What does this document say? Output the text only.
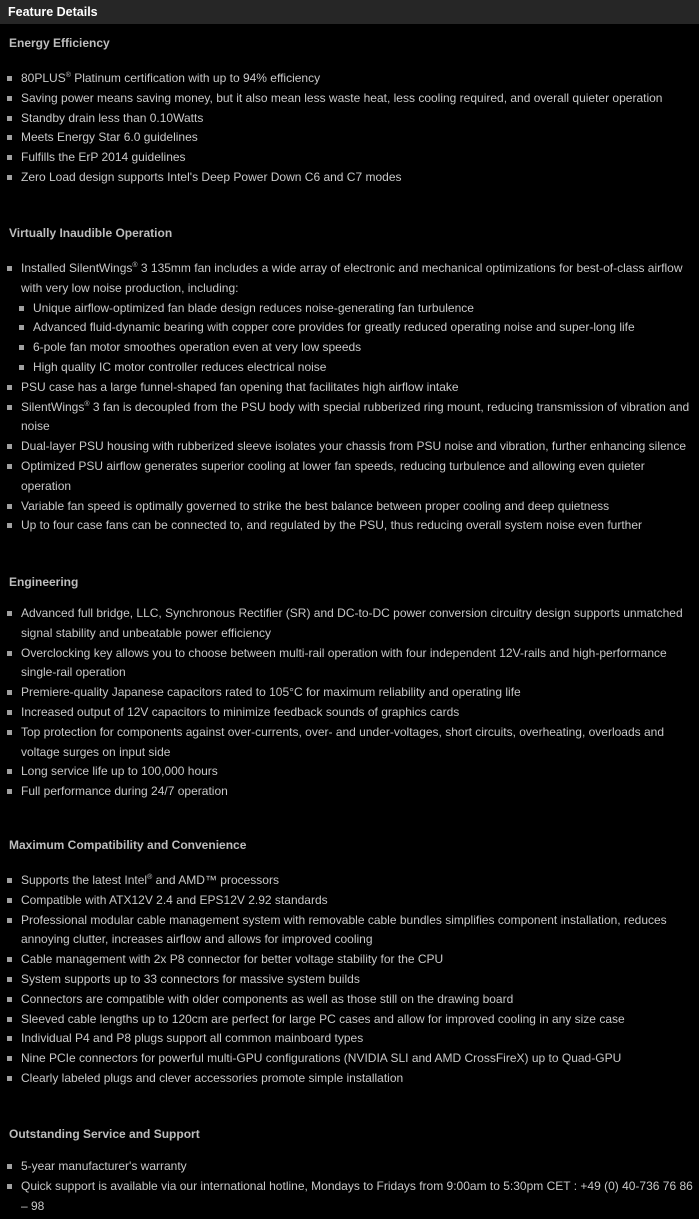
Feature Details
Energy Efficiency
80PLUS® Platinum certification with up to 94% efficiency
Saving power means saving money, but it also mean less waste heat, less cooling required, and overall quieter operation
Standby drain less than 0.10Watts
Meets Energy Star 6.0 guidelines
Fulfills the ErP 2014 guidelines
Zero Load design supports Intel's Deep Power Down C6 and C7 modes
Virtually Inaudible Operation
Installed SilentWings® 3 135mm fan includes a wide array of electronic and mechanical optimizations for best-of-class airflow with very low noise production, including:
Unique airflow-optimized fan blade design reduces noise-generating fan turbulence
Advanced fluid-dynamic bearing with copper core provides for greatly reduced operating noise and super-long life
6-pole fan motor smoothes operation even at very low speeds
High quality IC motor controller reduces electrical noise
PSU case has a large funnel-shaped fan opening that facilitates high airflow intake
SilentWings® 3 fan is decoupled from the PSU body with special rubberized ring mount, reducing transmission of vibration and noise
Dual-layer PSU housing with rubberized sleeve isolates your chassis from PSU noise and vibration, further enhancing silence
Optimized PSU airflow generates superior cooling at lower fan speeds, reducing turbulence and allowing even quieter operation
Variable fan speed is optimally governed to strike the best balance between proper cooling and deep quietness
Up to four case fans can be connected to, and regulated by the PSU, thus reducing overall system noise even further
Engineering
Advanced full bridge, LLC, Synchronous Rectifier (SR) and DC-to-DC power conversion circuitry design supports unmatched signal stability and unbeatable power efficiency
Overclocking key allows you to choose between multi-rail operation with four independent 12V-rails and high-performance single-rail operation
Premiere-quality Japanese capacitors rated to 105°C for maximum reliability and operating life
Increased output of 12V capacitors to minimize feedback sounds of graphics cards
Top protection for components against over-currents, over- and under-voltages, short circuits, overheating, overloads and voltage surges on input side
Long service life up to 100,000 hours
Full performance during 24/7 operation
Maximum Compatibility and Convenience
Supports the latest Intel® and AMD™ processors
Compatible with ATX12V 2.4 and EPS12V 2.92 standards
Professional modular cable management system with removable cable bundles simplifies component installation, reduces annoying clutter, increases airflow and allows for improved cooling
Cable management with 2x P8 connector for better voltage stability for the CPU
System supports up to 33 connectors for massive system builds
Connectors are compatible with older components as well as those still on the drawing board
Sleeved cable lengths up to 120cm are perfect for large PC cases and allow for improved cooling in any size case
Individual P4 and P8 plugs support all common mainboard types
Nine PCIe connectors for powerful multi-GPU configurations (NVIDIA SLI and AMD CrossFireX) up to Quad-GPU
Clearly labeled plugs and clever accessories promote simple installation
Outstanding Service and Support
5-year manufacturer's warranty
Quick support is available via our international hotline, Mondays to Fridays from 9:00am to 5:30pm CET : +49 (0) 40-736 76 86 – 98
